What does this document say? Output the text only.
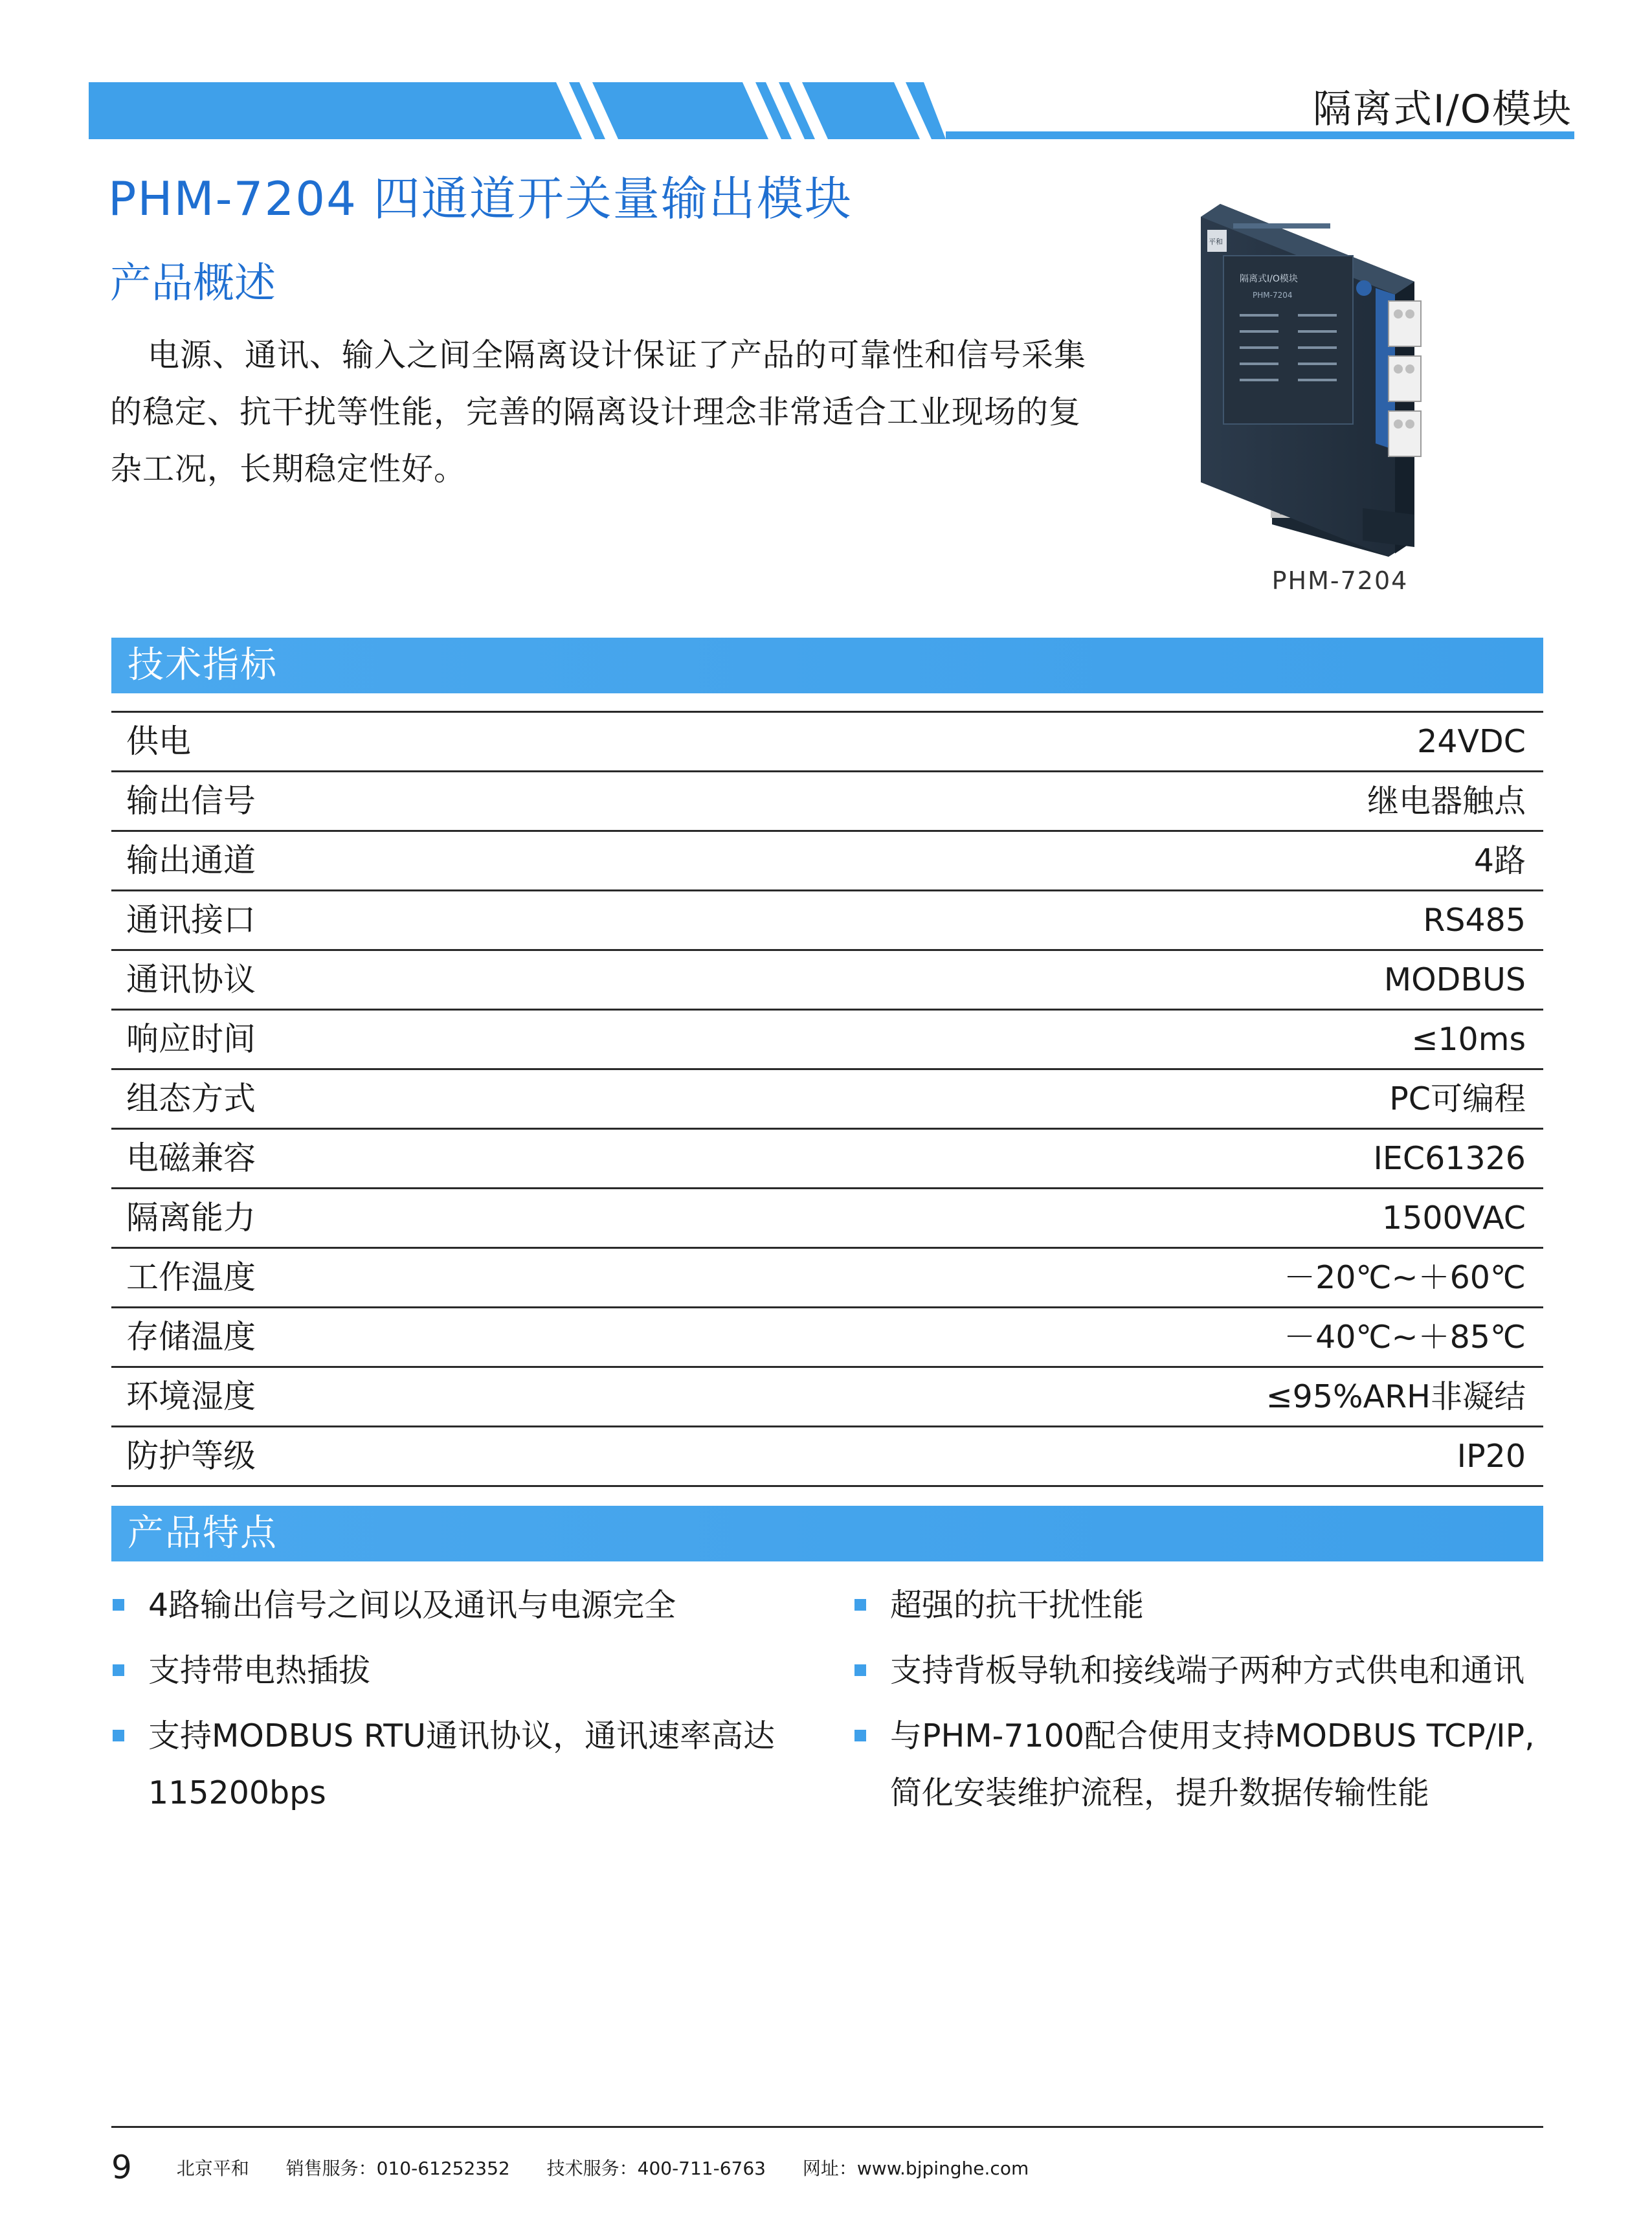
隔离式I/O模块
PHM-7204 四通道开关量输出模块
产品概述
电源、通讯、输入之间全隔离设计保证了产品的可靠性和信号采集的稳定、抗干扰等性能，完善的隔离设计理念非常适合工业现场的复杂工况，长期稳定性好。
隔离式I/O模块
PHM-7204
平和
PHM-7204
技术指标
供电	24VDC
输出信号	继电器触点
输出通道	4路
通讯接口	RS485
通讯协议	MODBUS
响应时间	≤10ms
组态方式	PC可编程
电磁兼容	IEC61326
隔离能力	1500VAC
工作温度	－20℃~＋60℃
存储温度	－40℃~＋85℃
环境湿度	≤95%ARH非凝结
防护等级	IP20
产品特点
4路输出信号之间以及通讯与电源完全
支持带电热插拔
支持MODBUS RTU通讯协议，通讯速率高达115200bps
超强的抗干扰性能
支持背板导轨和接线端子两种方式供电和通讯
与PHM-7100配合使用支持MODBUS TCP/IP,简化安装维护流程，提升数据传输性能
9 北京平和 销售服务：010-61252352 技术服务：400-711-6763 网址：www.bjpinghe.com
